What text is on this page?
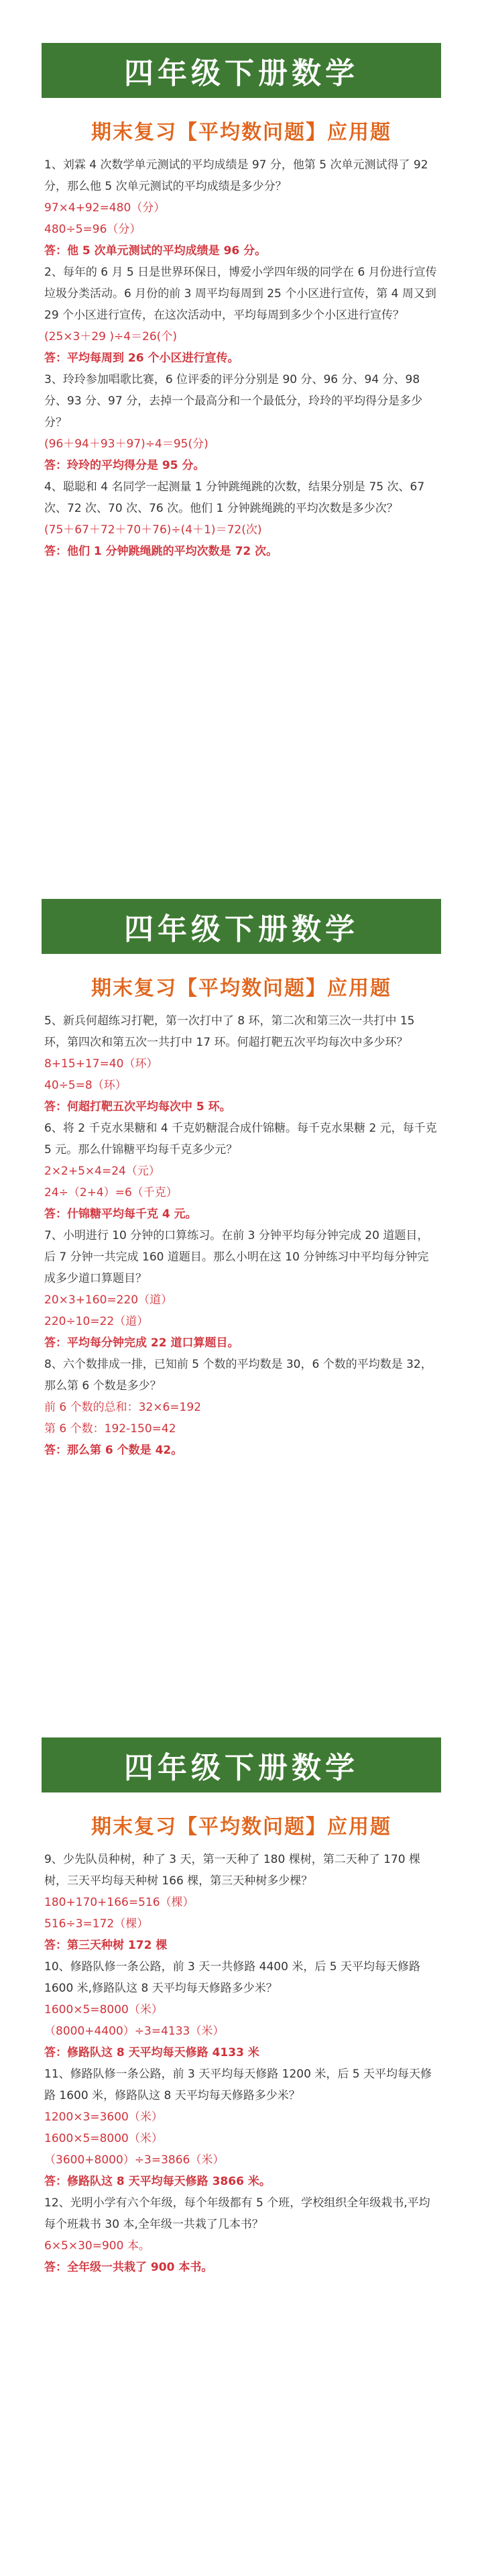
四年级下册数学
期末复习【平均数问题】应用题

1、刘霖 4 次数学单元测试的平均成绩是 97 分，他第 5 次单元测试得了 92 分，那么他 5 次单元测试的平均成绩是多少分？

97×4+92=480（分）

480÷5=96（分）

答：他 5 次单元测试的平均成绩是 96 分。

2、每年的 6 月 5 日是世界环保日，博爱小学四年级的同学在 6 月份进行宣传垃圾分类活动。6 月份的前 3 周平均每周到 25 个小区进行宣传，第 4 周又到 29 个小区进行宣传，在这次活动中，平均每周到多少个小区进行宣传？

(25×3＋29 )÷4＝26(个)

答：平均每周到 26 个小区进行宣传。

3、玲玲参加唱歌比赛，6 位评委的评分分别是 90 分、96 分、94 分、98 分、93 分、97 分，去掉一个最高分和一个最低分，玲玲的平均得分是多少分？

(96＋94＋93＋97)÷4＝95(分)

答：玲玲的平均得分是 95 分。

4、聪聪和 4 名同学一起测量 1 分钟跳绳跳的次数，结果分别是 75 次、67 次、72 次、70 次、76 次。他们 1 分钟跳绳跳的平均次数是多少次？

(75＋67＋72＋70＋76)÷(4＋1)＝72(次)

答：他们 1 分钟跳绳跳的平均次数是 72 次。

四年级下册数学
期末复习【平均数问题】应用题

5、新兵何超练习打靶，第一次打中了 8 环，第二次和第三次一共打中 15 环，第四次和第五次一共打中 17 环。何超打靶五次平均每次中多少环？

8+15+17=40（环）

40÷5=8（环）

答：何超打靶五次平均每次中 5 环。

6、将 2 千克水果糖和 4 千克奶糖混合成什锦糖。每千克水果糖 2 元，每千克 5 元。那么什锦糖平均每千克多少元？

2×2+5×4=24（元）

24÷（2+4）=6（千克）

答：什锦糖平均每千克 4 元。

7、小明进行 10 分钟的口算练习。在前 3 分钟平均每分钟完成 20 道题目，后 7 分钟一共完成 160 道题目。那么小明在这 10 分钟练习中平均每分钟完成多少道口算题目？

20×3+160=220（道）

220÷10=22（道）

答：平均每分钟完成 22 道口算题目。

8、六个数排成一排，已知前 5 个数的平均数是 30，6 个数的平均数是 32，那么第 6 个数是多少？

前 6 个数的总和：32×6=192

第 6 个数：192-150=42

答：那么第 6 个数是 42。

四年级下册数学
期末复习【平均数问题】应用题

9、少先队员种树，种了 3 天，第一天种了 180 棵树，第二天种了 170 棵树，三天平均每天种树 166 棵，第三天种树多少棵？

180+170+166=516（棵）

516÷3=172（棵）

答：第三天种树 172 棵

10、修路队修一条公路，前 3 天一共修路 4400 米，后 5 天平均每天修路 1600 米,修路队这 8 天平均每天修路多少米？

1600×5=8000（米）

（8000+4400）÷3=4133（米）

答：修路队这 8 天平均每天修路 4133 米

11、修路队修一条公路，前 3 天平均每天修路 1200 米，后 5 天平均每天修路 1600 米，修路队这 8 天平均每天修路多少米？

1200×3=3600（米）

1600×5=8000（米）

（3600+8000）÷3=3866（米）

答：修路队这 8 天平均每天修路 3866 米。

12、光明小学有六个年级，每个年级都有 5 个班，学校组织全年级栽书,平均每个班栽书 30 本,全年级一共栽了几本书？

6×5×30=900 本。

答：全年级一共栽了 900 本书。
